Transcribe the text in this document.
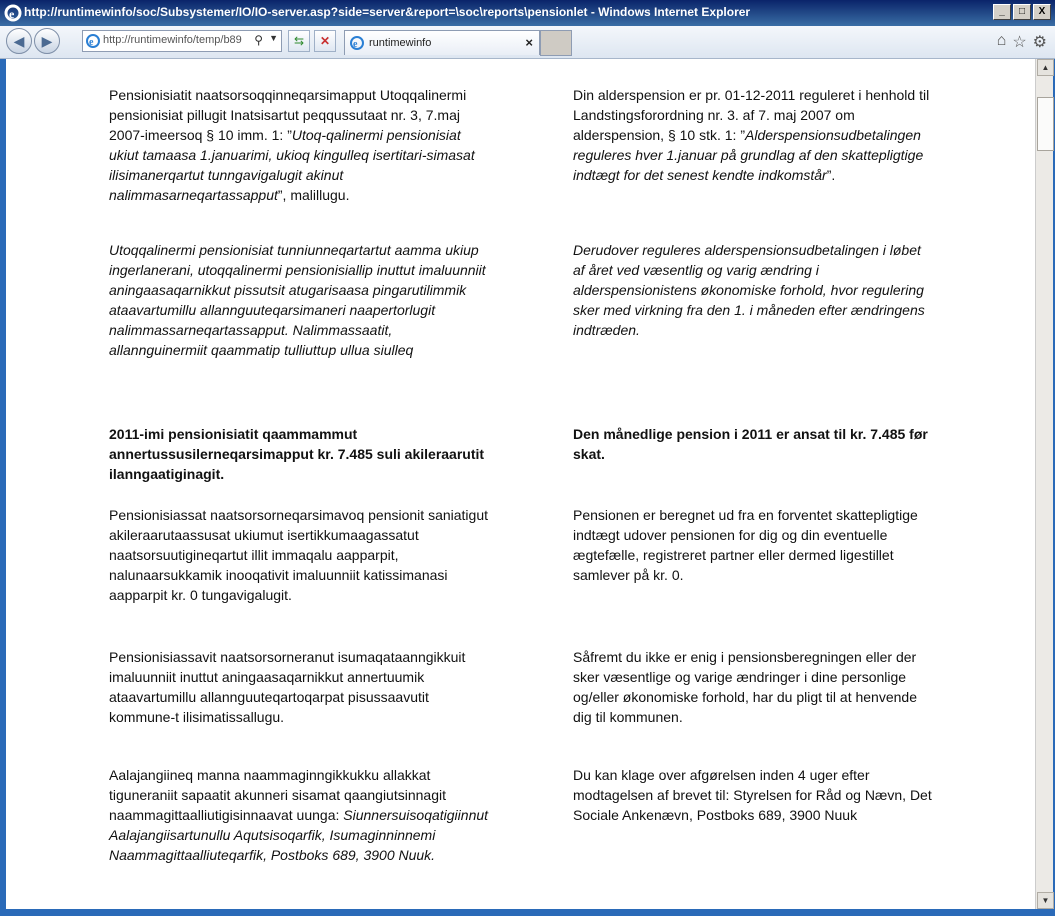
e http://runtimewinfo/soc/Subsystemer/IO/IO-server.asp?side=server&report=\soc\reports\pensionlet - Windows Internet Explorer	_	□	X
◀	▶	e http://runtimewinfo/temp/b89	⚲ ▼	⇆	✕	e runtimewinfo	×	⌂ ☆ ⚙

Pensionisiatit naatsorsoqqinneqarsimapput Utoqqalinermi pensionisiat pillugit Inatsisartut peqqussutaat nr. 3, 7.maj 2007-imeersoq § 10 imm. 1: ”Utoq-qalinermi pensionisiat ukiut tamaasa 1.januarimi, ukioq kingulleq isertitari-simasat ilisimanerqartut tunngavigalugit akinut nalimmasarneqartassapput”, malillugu.

Utoqqalinermi pensionisiat tunniunneqartartut aamma ukiup ingerlanerani, utoqqalinermi pensionisiallip inuttut imaluunniit aningaasaqarnikkut pissutsit atugarisaasa pingarutilimmik ataavartumillu allannguuteqarsimaneri naapertorlugit nalimmassarneqartassapput. Nalimmassaatit, allannguinermiit qaammatip tulliuttup ullua siulleq

2011-imi pensionisiatit qaammammut annertussusilerneqarsimapput kr. 7.485 suli akileraarutit ilanngaatiginagit.

Pensionisiassat naatsorsorneqarsimavoq pensionit saniatigut akileraarutaassusat ukiumut isertikkumaagassatut naatsorsuutigineqartut illit immaqalu aapparpit, nalunaarsukkamik inooqativit imaluunniit katissimanasi aapparpit kr. 0 tungavigalugit.

Pensionisiassavit naatsorsorneranut isumaqataanngikkuit imaluunniit inuttut aningaasaqarnikkut annertuumik ataavartumillu allannguuteqartoqarpat pisussaavutit kommune-t ilisimatissallugu.

Aalajangiineq manna naammaginngikkukku allakkat tiguneraniit sapaatit akunneri sisamat qaangiutsinnagit naammagittaalliutigisinnaavat uunga: Siunnersuisoqatigiinnut Aalajangiisartunullu Aqutsisoqarfik, Isumaginninnemi Naammagittaalliuteqarfik, Postboks 689, 3900 Nuuk.

Din alderspension er pr. 01-12-2011 reguleret i henhold til Landstingsforordning nr. 3. af 7. maj 2007 om alderspension, § 10 stk. 1: ”Alderspensionsudbetalingen reguleres hver 1.januar på grundlag af den skattepligtige indtægt for det senest kendte indkomstår”.

Derudover reguleres alderspensionsudbetalingen i løbet af året ved væsentlig og varig ændring i alderspensionistens økonomiske forhold, hvor regulering sker med virkning fra den 1. i måneden efter ændringens indtræden.

Den månedlige pension i 2011 er ansat til kr. 7.485 før skat.

Pensionen er beregnet ud fra en forventet skattepligtige indtægt udover pensionen for dig og din eventuelle ægtefælle, registreret partner eller dermed ligestillet samlever på kr. 0.

Såfremt du ikke er enig i pensionsberegningen eller der sker væsentlige og varige ændringer i dine personlige og/eller økonomiske forhold, har du pligt til at henvende dig til kommunen.

Du kan klage over afgørelsen inden 4 uger efter modtagelsen af brevet til: Styrelsen for Råd og Nævn, Det Sociale Ankenævn, Postboks 689, 3900 Nuuk

▲
▼
